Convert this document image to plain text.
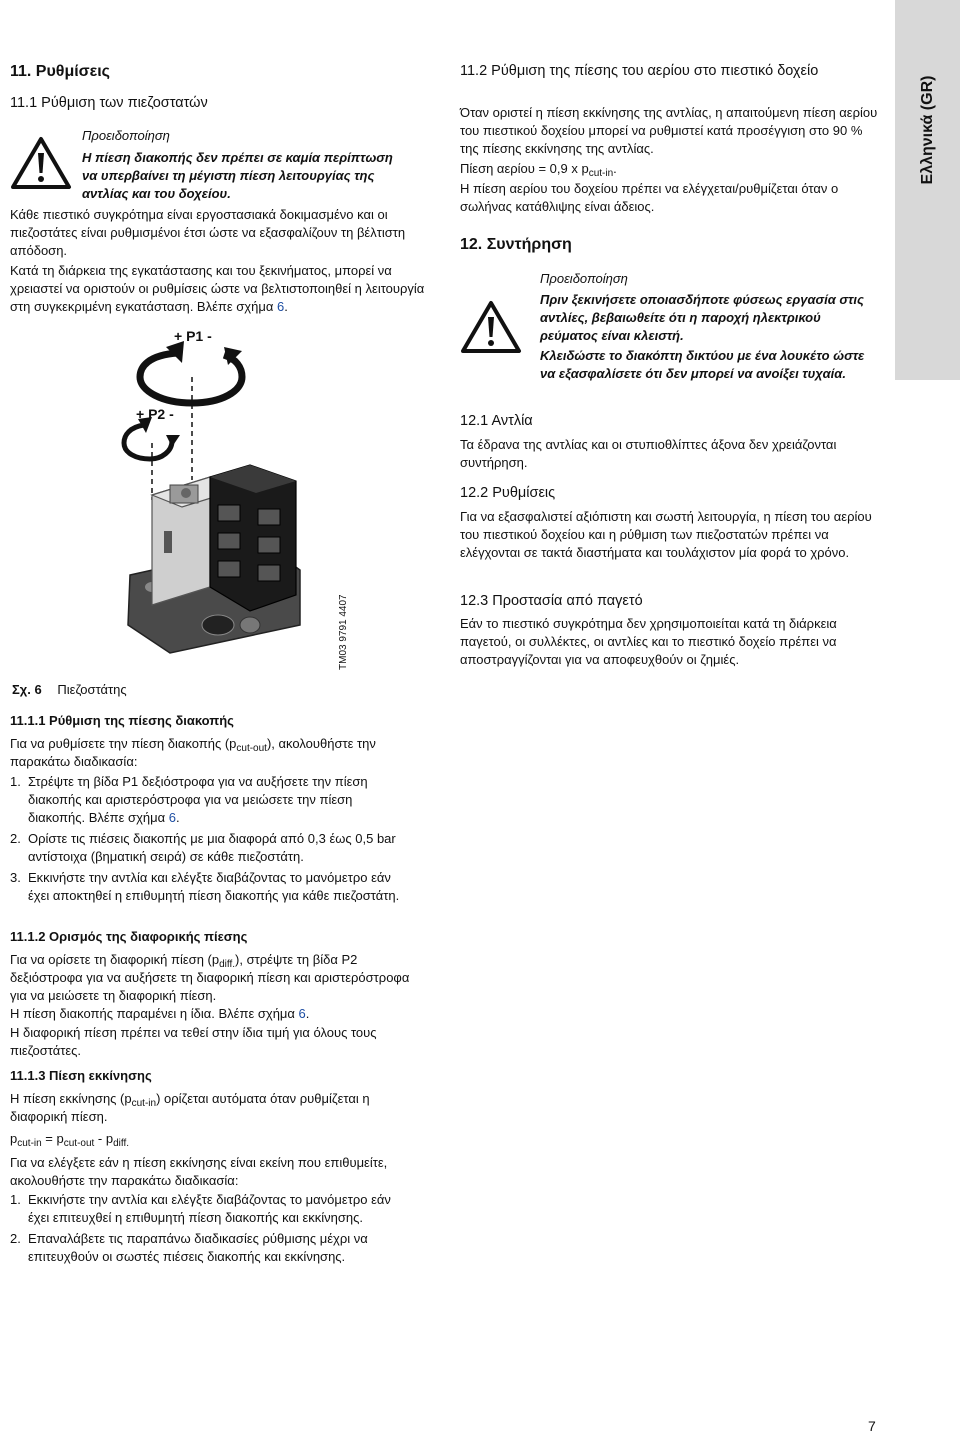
Ελληνικά (GR)
11. Ρυθμίσεις
11.1 Ρύθμιση των πιεζοστατών
Προειδοποίηση

Η πίεση διακοπής δεν πρέπει σε καμία περίπτωση να υπερβαίνει τη μέγιστη πίεση λειτουργίας της αντλίας και του δοχείου.

Κάθε πιεστικό συγκρότημα είναι εργοστασιακά δοκιμασμένο και οι πιεζοστάτες είναι ρυθμισμένοι έτσι ώστε να εξασφαλίζουν τη βέλτιστη απόδοση.

Κατά τη διάρκεια της εγκατάστασης και του ξεκινήματος, μπορεί να χρειαστεί να οριστούν οι ρυθμίσεις ώστε να βελτιστοποιηθεί η λειτουργία στη συγκεκριμένη εγκατάσταση. Βλέπε σχήμα 6.

+ P1 -
+ P2 -
TM03 9791 4407
Σχ. 6 Πιεζοστάτης
11.1.1 Ρύθμιση της πίεσης διακοπής

Για να ρυθμίσετε την πίεση διακοπής $(p_{cut-out})$, ακολουθήστε την παρακάτω διαδικασία:

1. Στρέψτε τη βίδα P1 δεξιόστροφα για να αυξήσετε την πίεση διακοπής και αριστερόστροφα για να μειώσετε την πίεση διακοπής. Βλέπε σχήμα 6.
2. Ορίστε τις πιέσεις διακοπής με μια διαφορά από 0,3 έως 0,5 bar αντίστοιχα (βηματική σειρά) σε κάθε πιεζοστάτη.
3. Εκκινήστε την αντλία και ελέγξτε διαβάζοντας το μανόμετρο εάν έχει αποκτηθεί η επιθυμητή πίεση διακοπής για κάθε πιεζοστάτη.
11.1.2 Ορισμός της διαφορικής πίεσης

Για να ορίσετε τη διαφορική πίεση $(p_{diff.})$, στρέψτε τη βίδα P2 δεξιόστροφα για να αυξήσετε τη διαφορική πίεση και αριστερόστροφα για να μειώσετε τη διαφορική πίεση.

Η πίεση διακοπής παραμένει η ίδια. Βλέπε σχήμα 6.

Η διαφορική πίεση πρέπει να τεθεί στην ίδια τιμή για όλους τους πιεζοστάτες.

11.1.3 Πίεση εκκίνησης

Η πίεση εκκίνησης $(p_{cut-in})$ ορίζεται αυτόματα όταν ρυθμίζεται η διαφορική πίεση.

$p_{cut-in} = p_{cut-out} - p_{diff.}$

Για να ελέγξετε εάν η πίεση εκκίνησης είναι εκείνη που επιθυμείτε, ακολουθήστε την παρακάτω διαδικασία:

1. Εκκινήστε την αντλία και ελέγξτε διαβάζοντας το μανόμετρο εάν έχει επιτευχθεί η επιθυμητή πίεση διακοπής και εκκίνησης.
2. Επαναλάβετε τις παραπάνω διαδικασίες ρύθμισης μέχρι να επιτευχθούν οι σωστές πιέσεις διακοπής και εκκίνησης.

11.2 Ρύθμιση της πίεσης του αερίου στο πιεστικό δοχείο

Όταν οριστεί η πίεση εκκίνησης της αντλίας, η απαιτούμενη πίεση αερίου του πιεστικού δοχείου μπορεί να ρυθμιστεί κατά προσέγγιση στο 90 % της πίεσης εκκίνησης της αντλίας.

Πίεση αερίου = 0,9 x $p_{cut-in}$.

Η πίεση αερίου του δοχείου πρέπει να ελέγχεται/ρυθμίζεται όταν ο σωλήνας κατάθλιψης είναι άδειος.

12. Συντήρηση
Προειδοποίηση

Πριν ξεκινήσετε οποιασδήποτε φύσεως εργασία στις αντλίες, βεβαιωθείτε ότι η παροχή ηλεκτρικού ρεύματος είναι κλειστή.

Κλειδώστε το διακόπτη δικτύου με ένα λουκέτο ώστε να εξασφαλίσετε ότι δεν μπορεί να ανοίξει τυχαία.

12.1 Αντλία

Τα έδρανα της αντλίας και οι στυπιοθλίπτες άξονα δεν χρειάζονται συντήρηση.

12.2 Ρυθμίσεις

Για να εξασφαλιστεί αξιόπιστη και σωστή λειτουργία, η πίεση του αερίου του πιεστικού δοχείου και η ρύθμιση των πιεζοστατών πρέπει να ελέγχονται σε τακτά διαστήματα και τουλάχιστον μία φορά το χρόνο.

12.3 Προστασία από παγετό

Εάν το πιεστικό συγκρότημα δεν χρησιμοποιείται κατά τη διάρκεια παγετού, οι συλλέκτες, οι αντλίες και το πιεστικό δοχείο πρέπει να αποστραγγίζονται για να αποφευχθούν οι ζημιές.

7
